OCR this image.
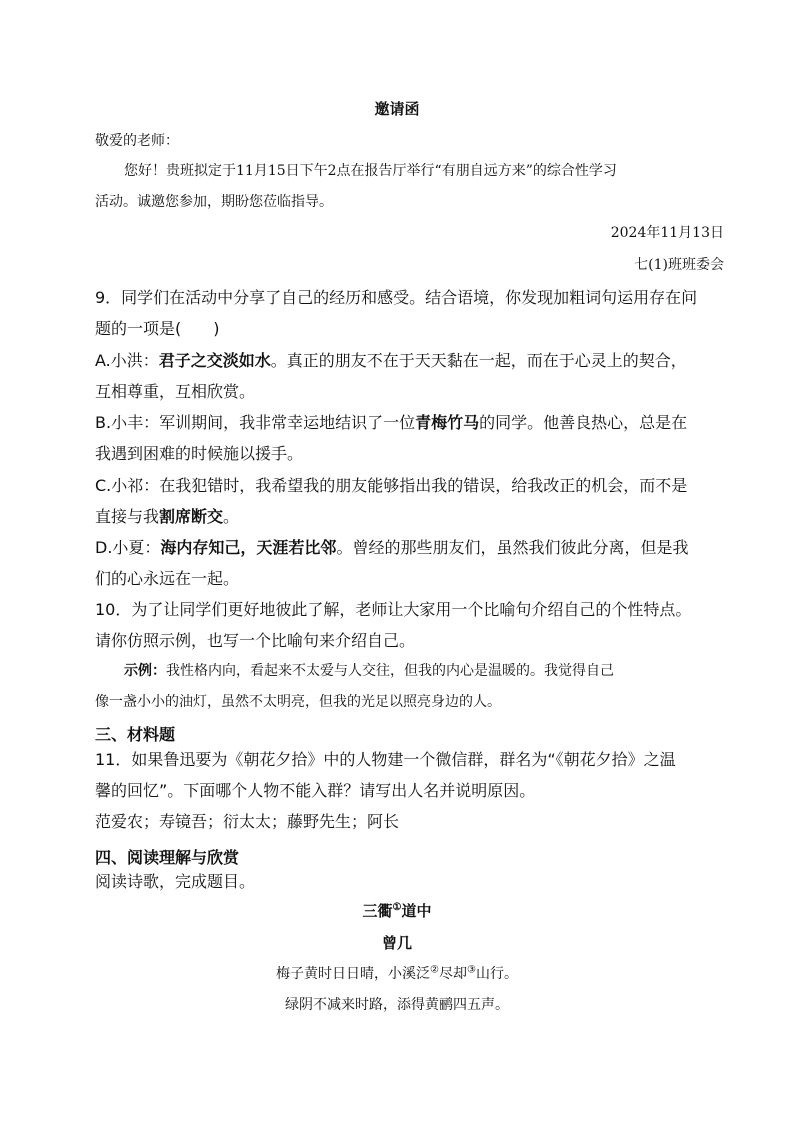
邀请函
敬爱的老师：
您好！贵班拟定于11月15日下午2点在报告厅举行“有朋自远方来”的综合性学习
活动。诚邀您参加，期盼您莅临指导。
2024年11月13日
七(1)班班委会
9．同学们在活动中分享了自己的经历和感受。结合语境，你发现加粗词句运用存在问
题的一项是(　　)
A.小洪：君子之交淡如水。真正的朋友不在于天天黏在一起，而在于心灵上的契合，
互相尊重，互相欣赏。
B.小丰：军训期间，我非常幸运地结识了一位青梅竹马的同学。他善良热心，总是在
我遇到困难的时候施以援手。
C.小祁：在我犯错时，我希望我的朋友能够指出我的错误，给我改正的机会，而不是
直接与我割席断交。
D.小夏：海内存知己，天涯若比邻。曾经的那些朋友们，虽然我们彼此分离，但是我
们的心永远在一起。
10．为了让同学们更好地彼此了解，老师让大家用一个比喻句介绍自己的个性特点。
请你仿照示例，也写一个比喻句来介绍自己。
示例：我性格内向，看起来不太爱与人交往，但我的内心是温暖的。我觉得自己
像一盏小小的油灯，虽然不太明亮，但我的光足以照亮身边的人。
三、材料题
11．如果鲁迅要为《朝花夕拾》中的人物建一个微信群，群名为“《朝花夕拾》之温
馨的回忆”。下面哪个人物不能入群？请写出人名并说明原因。
范爱农；寿镜吾；衍太太；藤野先生；阿长
四、阅读理解与欣赏
阅读诗歌，完成题目。
三衢①道中
曾几
梅子黄时日日晴，小溪泛②尽却③山行。
绿阴不减来时路，添得黄鹂四五声。
